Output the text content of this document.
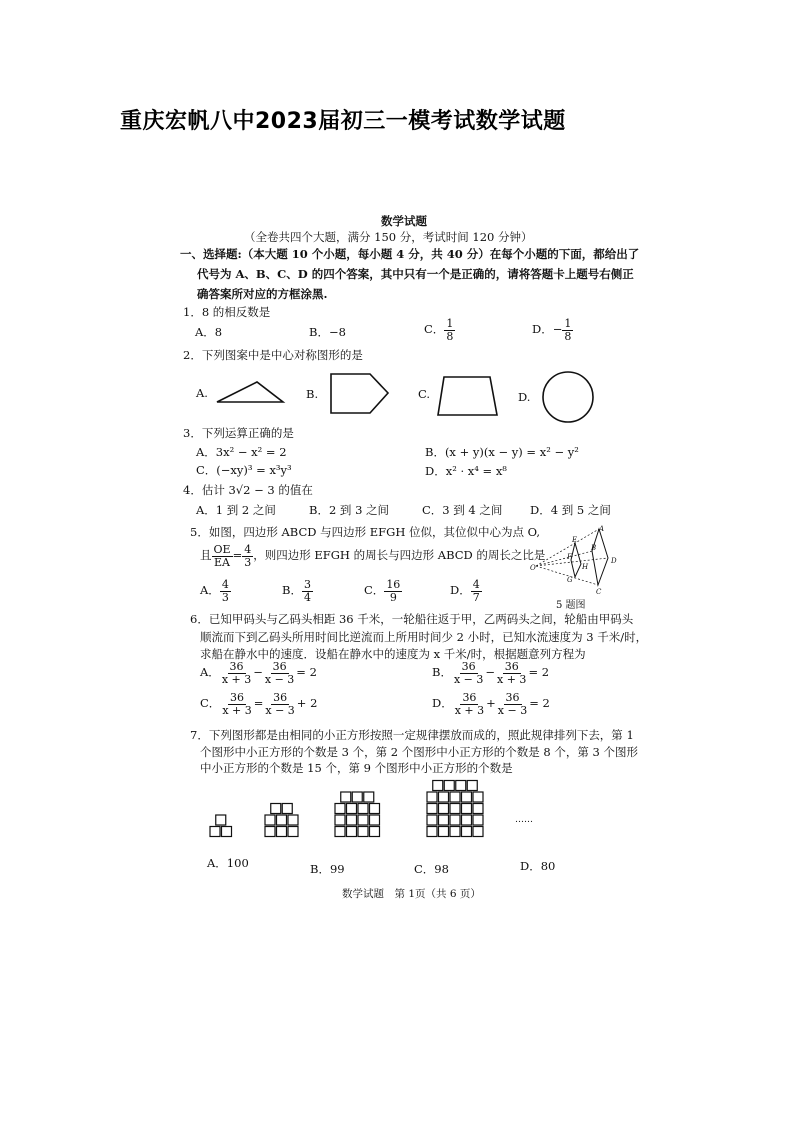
重庆宏帆八中2023届初三一模考试数学试题
数学试题
（全卷共四个大题，满分 150 分，考试时间 120 分钟）
一、选择题:（本大题 10 个小题，每小题 4 分，共 40 分）在每个小题的下面，都给出了
代号为 A、B、C、D 的四个答案，其中只有一个是正确的，请将答题卡上题号右侧正
确答案所对应的方框涂黑.
1．8 的相反数是
A．8	B．−8	C． $\frac{1}{8}$	D．− $\frac{1}{8}$
2．下列图案中是中心对称图形的是
A.	B.	C.	D.
3．下列运算正确的是
A．3x² − x² = 2	B．(x + y)(x − y) = x² − y²
C．(−xy)³ = x³y³	D．x² · x⁴ = x⁸
4．估计 3√2 − 3 的值在
A．1 到 2 之间	B．2 到 3 之间	C．3 到 4 之间 D．4 到 5 之间
5．如图，四边形 ABCD 与四边形 EFGH 位似，其位似中心为点 O,
且 $\frac{OE}{EA} = \frac{4}{3}$ ，则四边形 EFGH 的周长与四边形 ABCD 的周长之比是
A． $\frac{4}{3}$	B． $\frac{3}{4}$	C． $\frac{16}{9}$	D． $\frac{4}{7}$
O
A
B
C
D
E
F
G
H
5 题图
6．已知甲码头与乙码头相距 36 千米，一轮船往返于甲，乙两码头之间，轮船由甲码头
顺流而下到乙码头所用时间比逆流而上所用时间少 2 小时，已知水流速度为 3 千米/时，
求船在静水中的速度．设船在静水中的速度为 x 千米/时，根据题意列方程为
A． $\frac{36}{x + 3} - \frac{36}{x - 3} = 2$	B． $\frac{36}{x - 3} - \frac{36}{x + 3} = 2$
C． $\frac{36}{x + 3} = \frac{36}{x - 3} + 2$	D． $\frac{36}{x + 3} + \frac{36}{x - 3} = 2$
7．下列图形都是由相同的小正方形按照一定规律摆放而成的，照此规律排列下去，第 1
个图形中小正方形的个数是 3 个，第 2 个图形中小正方形的个数是 8 个，第 3 个图形
中小正方形的个数是 15 个，第 9 个图形中小正方形的个数是
……
A．100	B．99	C．98	D．80
数学试题　第 1页（共 6 页）
